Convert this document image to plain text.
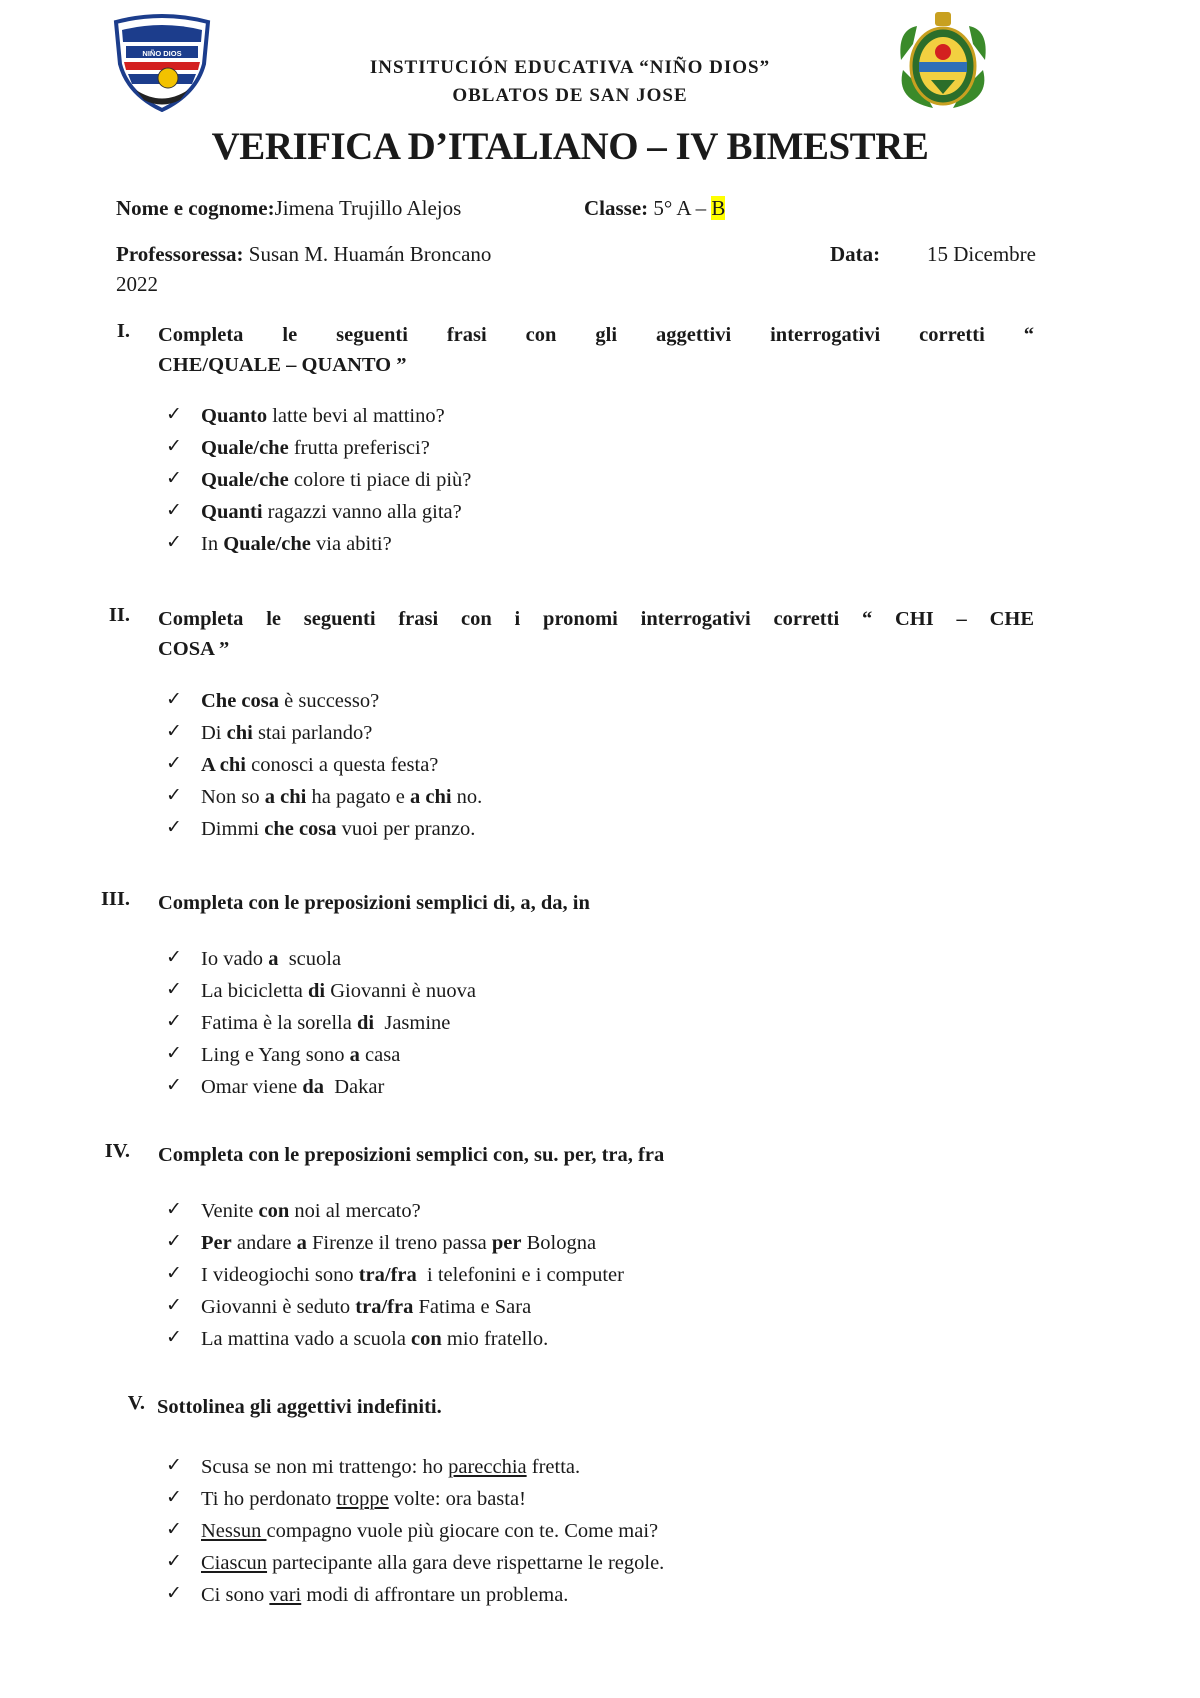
NIÑO DIOS
INSTITUCIÓN EDUCATIVA “NIÑO DIOS”
OBLATOS DE SAN JOSE
VERIFICA D’ITALIANO – IV BIMESTRE
Nome e cognome:Jimena Trujillo Alejos	Classe: 5° A – B
Professoressa: Susan M. Huamán Broncano	Data: 15 Dicembre
2022
I. Completa le seguenti frasi con gli aggettivi interrogativi corretti “
CHE/QUALE – QUANTO ”
✓ Quanto latte bevi al mattino?
✓ Quale/che frutta preferisci?
✓ Quale/che colore ti piace di più?
✓ Quanti ragazzi vanno alla gita?
✓ In Quale/che via abiti?
II. Completa le seguenti frasi con i pronomi interrogativi corretti “ CHI – CHE
COSA ”
✓ Che cosa è successo?
✓ Di chi stai parlando?
✓ A chi conosci a questa festa?
✓ Non so a chi ha pagato e a chi no.
✓ Dimmi che cosa vuoi per pranzo.
III. Completa con le preposizioni semplici di, a, da, in
✓ Io vado a  scuola
✓ La bicicletta di Giovanni è nuova
✓ Fatima è la sorella di  Jasmine
✓ Ling e Yang sono a casa
✓ Omar viene da  Dakar
IV. Completa con le preposizioni semplici con, su. per, tra, fra
✓ Venite con noi al mercato?
✓ Per andare a Firenze il treno passa per Bologna
✓ I videogiochi sono tra/fra  i telefonini e i computer
✓ Giovanni è seduto tra/fra Fatima e Sara
✓ La mattina vado a scuola con mio fratello.
V. Sottolinea gli aggettivi indefiniti.
✓ Scusa se non mi trattengo: ho parecchia fretta.
✓ Ti ho perdonato troppe volte: ora basta!
✓ Nessun compagno vuole più giocare con te. Come mai?
✓ Ciascun partecipante alla gara deve rispettarne le regole.
✓ Ci sono vari modi di affrontare un problema.
